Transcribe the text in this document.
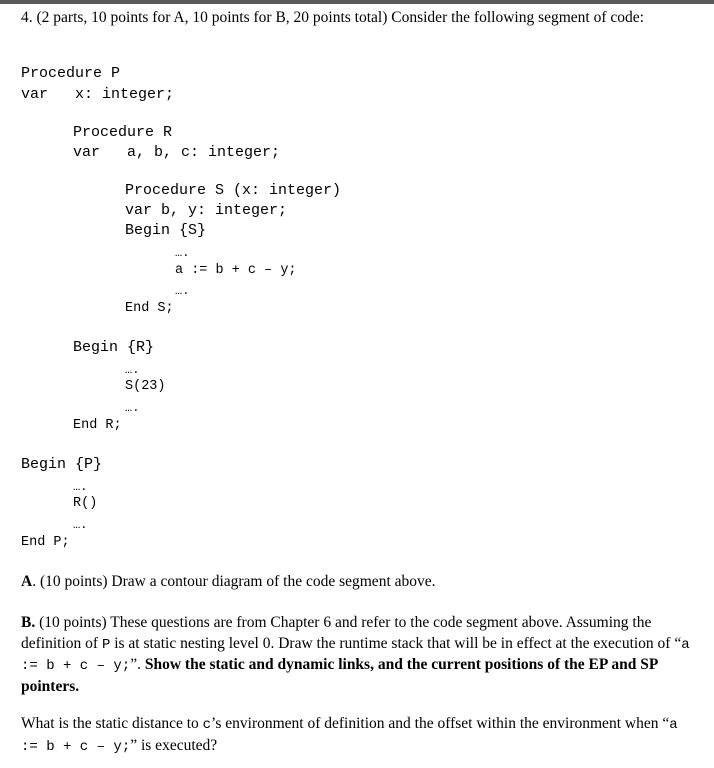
4. (2 parts, 10 points for A, 10 points for B, 20 points total) Consider the following segment of code:

Procedure P

var   x: integer;

Procedure R

var   a, b, c: integer;

Procedure S (x: integer)

var b, y: integer;

Begin {S}

….

a := b + c – y;

….

End S;

Begin {R}

….

S(23)

….

End R;

Begin {P}

….

R()

….

End P;

A. (10 points) Draw a contour diagram of the code segment above.

B. (10 points) These questions are from Chapter 6 and refer to the code segment above. Assuming the definition of P is at static nesting level 0. Draw the runtime stack that will be in effect at the execution of “a := b + c – y;”. Show the static and dynamic links, and the current positions of the EP and SP pointers.

What is the static distance to c’s environment of definition and the offset within the environment when “a := b + c – y;” is executed?
